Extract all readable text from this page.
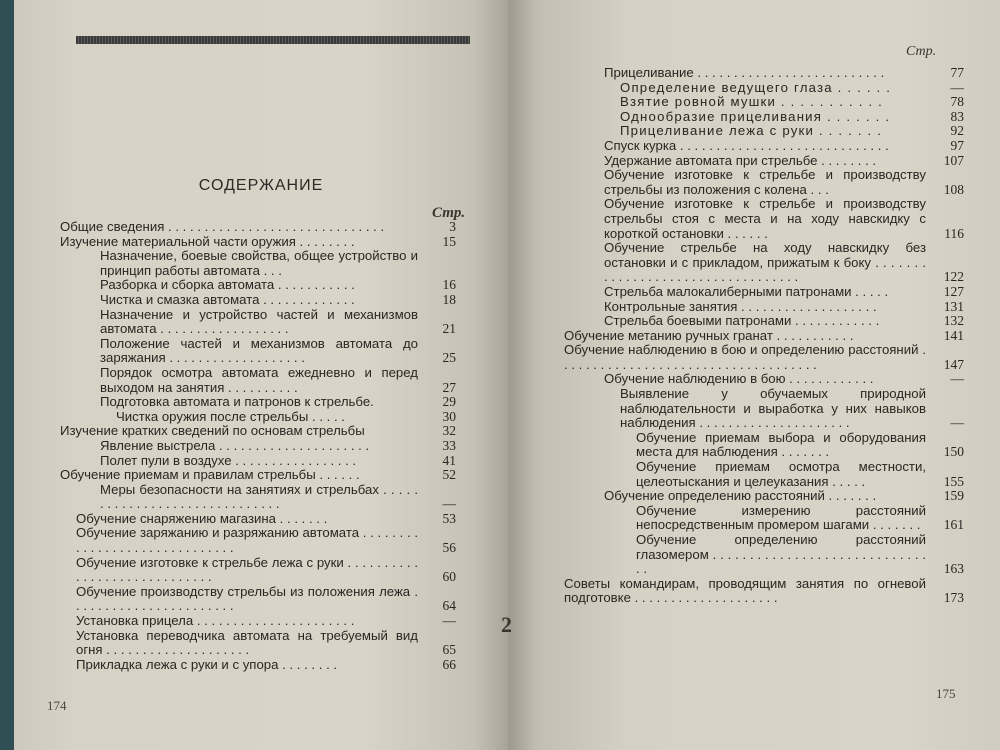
СОДЕРЖАНИЕ
Стр.
Общие сведения . . . . . . . . . . . . . . . . . . . . . . . . . . . . . .	3
Изучение материальной части оружия . . . . . . . .	15
Назначение, боевые свойства, общее устройство и принцип работы автомата . . .
Разборка и сборка автомата . . . . . . . . . . .	16
Чистка и смазка автомата . . . . . . . . . . . . .	18
Назначение и устройство частей и механизмов автомата . . . . . . . . . . . . . . . . . .	21
Положение частей и механизмов автомата до заряжания . . . . . . . . . . . . . . . . . . .	25
Порядок осмотра автомата ежедневно и перед выходом на занятия . . . . . . . . . .	27
Подготовка автомата и патронов к стрельбе.	29
Чистка оружия после стрельбы . . . . .	30
Изучение кратких сведений по основам стрельбы	32
Явление выстрела . . . . . . . . . . . . . . . . . . . . .	33
Полет пули в воздухе . . . . . . . . . . . . . . . . .	41
Обучение приемам и правилам стрельбы . . . . . .	52
Меры безопасности на занятиях и стрельбах . . . . . . . . . . . . . . . . . . . . . . . . . . . . . .	—
Обучение снаряжению магазина . . . . . . .	53
Обучение заряжанию и разряжанию автомата . . . . . . . . . . . . . . . . . . . . . . . . . . . . . .	56
Обучение изготовке к стрельбе лежа с руки . . . . . . . . . . . . . . . . . . . . . . . . . . . . .	60
Обучение производству стрельбы из положения лежа . . . . . . . . . . . . . . . . . . . . . . .	64
Установка прицела . . . . . . . . . . . . . . . . . . . . . .	—
Установка переводчика автомата на требуемый вид огня . . . . . . . . . . . . . . . . . . . .	65
Прикладка лежа с руки и с упора . . . . . . . .	66
174
Стр.
Прицеливание . . . . . . . . . . . . . . . . . . . . . . . . . .	77
Определение ведущего глаза . . . . . .	—
Взятие ровной мушки . . . . . . . . . . .	78
Однообразие прицеливания . . . . . . .	83
Прицеливание лежа с руки . . . . . . .	92
Спуск курка . . . . . . . . . . . . . . . . . . . . . . . . . . . . .	97
Удержание автомата при стрельбе . . . . . . . .	107
Обучение изготовке к стрельбе и производству стрельбы из положения с колена . . .	108
Обучение изготовке к стрельбе и производству стрельбы стоя с места и на ходу навскидку с короткой остановки . . . . . .	116
Обучение стрельбе на ходу навскидку без остановки и с прикладом, прижатым к боку . . . . . . . . . . . . . . . . . . . . . . . . . . . . . . . . . .	122
Стрельба малокалиберными патронами . . . . .	127
Контрольные занятия . . . . . . . . . . . . . . . . . . .	131
Стрельба боевыми патронами . . . . . . . . . . . .	132
Обучение метанию ручных гранат . . . . . . . . . . .	141
Обучение наблюдению в бою и определению расстояний . . . . . . . . . . . . . . . . . . . . . . . . . . . . . . . . . . . .	147
Обучение наблюдению в бою . . . . . . . . . . . .	—
Выявление у обучаемых природной наблюдательности и выработка у них навыков наблюдения . . . . . . . . . . . . . . . . . . . . .	—
Обучение приемам выбора и оборудования места для наблюдения . . . . . . .	150
Обучение приемам осмотра местности, целеотыскания и целеуказания . . . . .	155
Обучение определению расстояний . . . . . . .	159
Обучение измерению расстояний непосредственным промером шагами . . . . . . .	161
Обучение определению расстояний глазомером . . . . . . . . . . . . . . . . . . . . . . . . . . . . . . .	163
Советы командирам, проводящим занятия по огневой подготовке . . . . . . . . . . . . . . . . . . . .	173
175
2
